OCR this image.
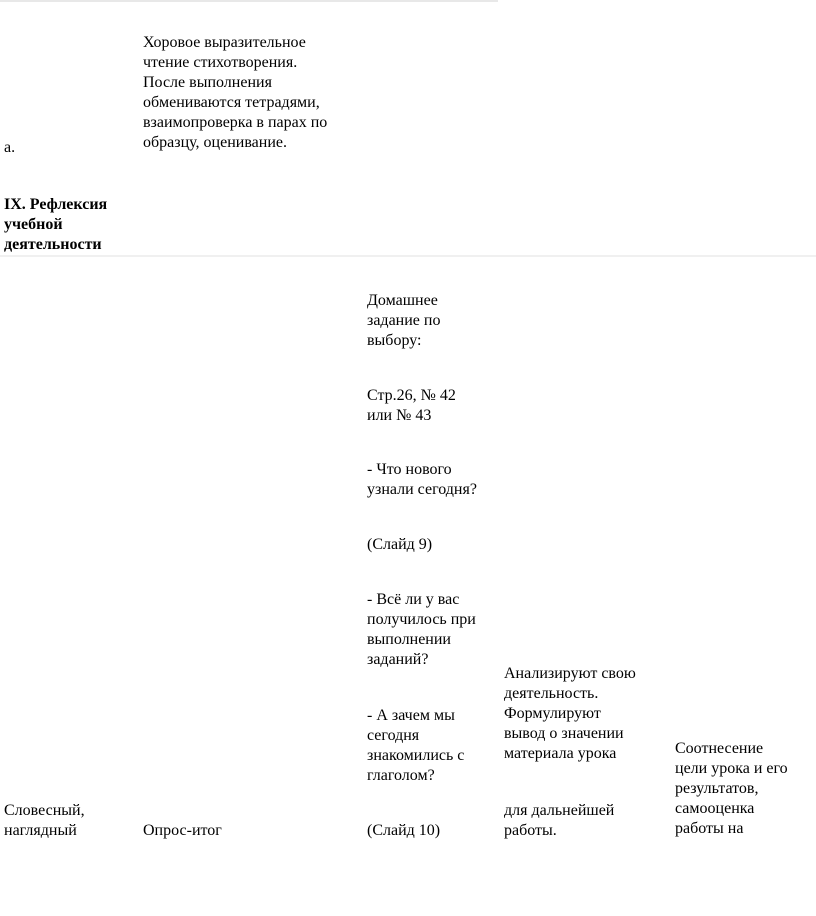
а.
Хоровое выразительное
чтение стихотворения.
После выполнения
обмениваются тетрадями,
взаимопроверка в парах по
образцу, оценивание.
IX. Рефлексия
учебной
деятельности
Словесный,
наглядный	Опрос-итог
Домашнее
задание по
выбору:
Стр.26, № 42
или № 43
- Что нового
узнали сегодня?
(Слайд 9)
- Всё ли у вас
получилось при
выполнении
заданий?
- А зачем мы
сегодня
знакомились с
глаголом?
(Слайд 10)
Анализируют свою
деятельность.
Формулируют
вывод о значении
материала урока
для дальнейшей
работы.
Соотнесение
цели урока и его
результатов,
самооценка
работы на
